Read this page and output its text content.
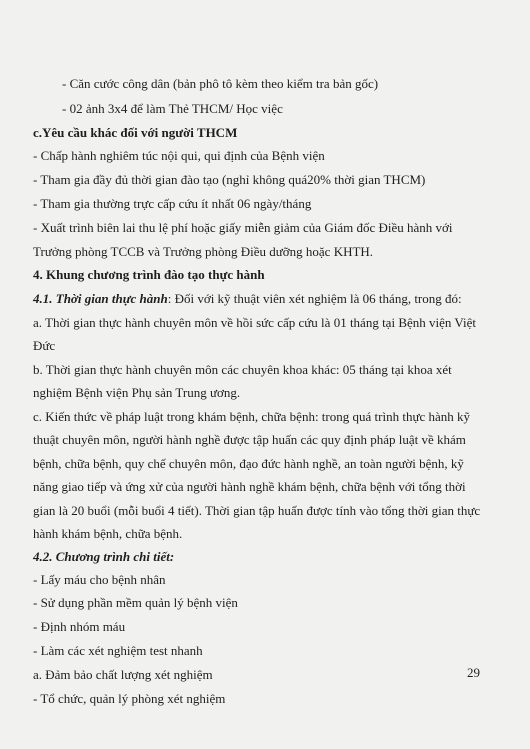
- Căn cước công dân (bản phô tô kèm theo kiểm tra bản gốc)
- 02 ảnh 3x4 để làm Thẻ THCM/ Học việc
c.Yêu cầu khác đối với người THCM
- Chấp hành nghiêm túc nội qui, qui định của Bệnh viện
- Tham gia đầy đủ thời gian đào tạo (nghỉ không quá20% thời gian THCM)
- Tham gia thường trực cấp cứu ít nhất 06 ngày/tháng
- Xuất trình biên lai thu lệ phí hoặc giấy miễn giảm của Giám đốc Điều hành với
Trưởng phòng TCCB và Trưởng phòng Điều dưỡng hoặc KHTH.
4. Khung chương trình đào tạo thực hành
4.1. Thời gian thực hành: Đối với kỹ thuật viên xét nghiệm là 06 tháng, trong đó:
a. Thời gian thực hành chuyên môn về hồi sức cấp cứu là 01 tháng tại Bệnh viện Việt
Đức
b. Thời gian thực hành chuyên môn các chuyên khoa khác: 05 tháng tại khoa xét
nghiệm Bệnh viện Phụ sản Trung ương.
c. Kiến thức về pháp luật trong khám bệnh, chữa bệnh: trong quá trình thực hành kỹ
thuật chuyên môn, người hành nghề được tập huấn các quy định pháp luật về khám
bệnh, chữa bệnh, quy chế chuyên môn, đạo đức hành nghề, an toàn người bệnh, kỹ
năng giao tiếp và ứng xử của người hành nghề khám bệnh, chữa bệnh với tổng thời
gian là 20 buổi (mỗi buổi 4 tiết). Thời gian tập huấn được tính vào tổng thời gian thực
hành khám bệnh, chữa bệnh.
4.2. Chương trình chi tiết:
- Lấy máu cho bệnh nhân
- Sử dụng phần mềm quản lý bệnh viện
- Định nhóm máu
- Làm các xét nghiệm test nhanh
a. Đảm bảo chất lượng xét nghiệm
- Tổ chức, quản lý phòng xét nghiệm
29
